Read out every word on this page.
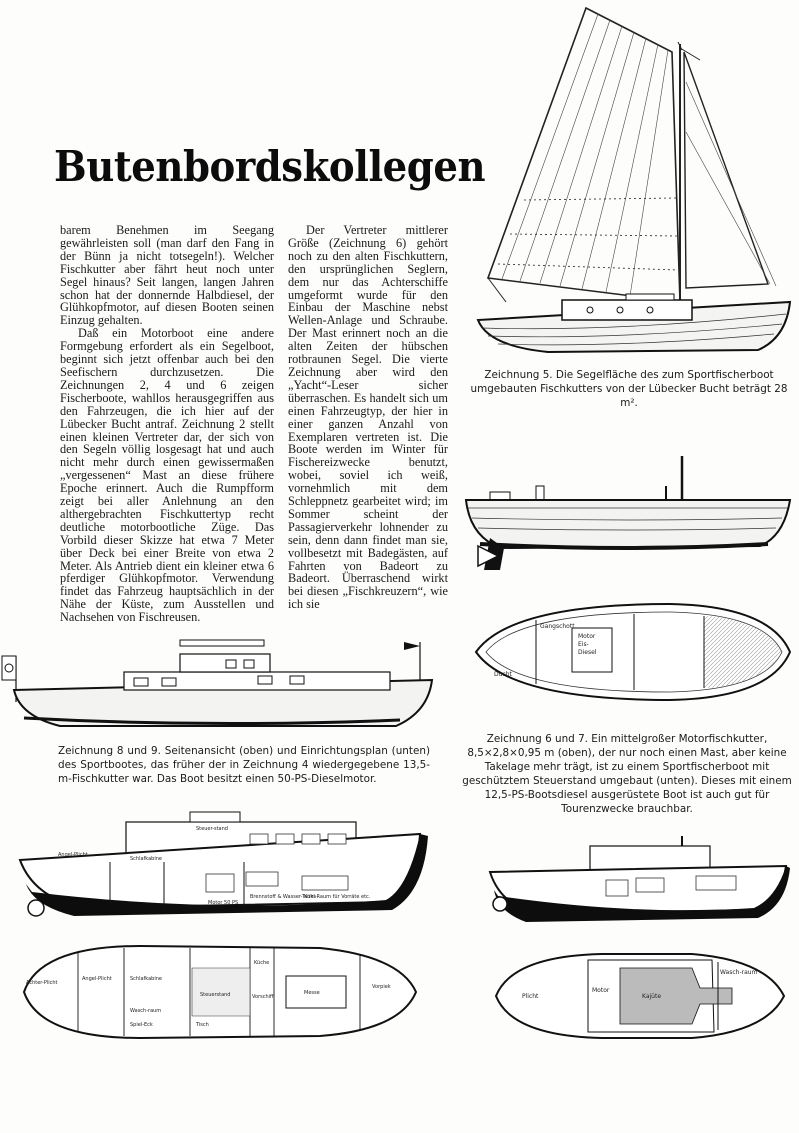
Butenbordskollegen

Zeichnung 5. Die Segelfläche des zum Sportfischerboot umgebauten Fischkutters von der Lübecker Bucht beträgt 28 m².

barem Benehmen im Seegang gewährleisten soll (man darf den Fang in der Bünn ja nicht totsegeln!). Welcher Fischkutter aber fährt heut noch unter Segel hinaus? Seit langen, langen Jahren schon hat der donnernde Halbdiesel, der Glühkopfmotor, auf diesen Booten seinen Einzug gehalten.

Daß ein Motorboot eine andere Formgebung erfordert als ein Segelboot, beginnt sich jetzt offenbar auch bei den Seefischern durchzusetzen. Die Zeichnungen 2, 4 und 6 zeigen Fischerboote, wahllos herausgegriffen aus den Fahrzeugen, die ich hier auf der Lübecker Bucht antraf. Zeichnung 2 stellt einen kleinen Vertreter dar, der sich von den Segeln völlig losgesagt hat und auch nicht mehr durch einen gewissermaßen „vergessenen“ Mast an diese frühere Epoche erinnert. Auch die Rumpfform zeigt bei aller Anlehnung an den althergebrachten Fischkuttertyp recht deutliche motorbootliche Züge. Das Vorbild dieser Skizze hat etwa 7 Meter über Deck bei einer Breite von etwa 2 Meter. Als Antrieb dient ein kleiner etwa 6 pferdiger Glühkopfmotor. Verwendung findet das Fahrzeug hauptsächlich in der Nähe der Küste, zum Ausstellen und Nachsehen von Fischreusen.

Der Vertreter mittlerer Größe (Zeichnung 6) gehört noch zu den alten Fischkuttern, den ursprünglichen Seglern, dem nur das Achterschiffe umgeformt wurde für den Einbau der Maschine nebst Wellen-Anlage und Schraube. Der Mast erinnert noch an die alten Zeiten der hübschen rotbraunen Segel. Die vierte Zeichnung aber wird den „Yacht“-Leser sicher überraschen. Es handelt sich um einen Fahrzeugtyp, der hier in einer ganzen Anzahl von Exemplaren vertreten ist. Die Boote werden im Winter für Fischereizwecke benutzt, wobei, soviel ich weiß, vornehmlich mit dem Schleppnetz gearbeitet wird; im Sommer scheint der Passagierverkehr lohnender zu sein, denn dann findet man sie, vollbesetzt mit Badegästen, auf Fahrten von Badeort zu Badeort. Überraschend wirkt bei diesen „Fischkreuzern“, wie ich sie

Gangschott
Motor
Eis-
Diesel
Ducht

Zeichnung 6 und 7. Ein mittelgroßer Motorfischkutter, 8,5×2,8×0,95 m (oben), der nur noch einen Mast, aber keine Takelage mehr trägt, ist zu einem Sportfischerboot mit geschütztem Steuerstand umgebaut (unten). Dieses mit einem 12,5-PS-Bootsdiesel ausgerüstete Boot ist auch gut für Tourenzwecke brauchbar.

Zeichnung 8 und 9. Seitenansicht (oben) und Einrichtungsplan (unten) des Sportbootes, das früher der in Zeichnung 4 wiedergegebene 13,5-m-Fischkutter war. Das Boot besitzt einen 50-PS-Dieselmotor.

Angel-Plicht
Schlafkabine
Steuer-stand
Motor 50 PS
Brennstoff & Wasser-Tanks
Kühl-Raum für Vorräte etc.
Achter-Plicht
Angel-Plicht	Schlafkabine
Steuerstand
Küche
Vorschiff
Messe
Vorpiek
Tisch
Wasch-raum
Spiel-Eck
Plicht
Motor
Kajüte
Wasch-raum
